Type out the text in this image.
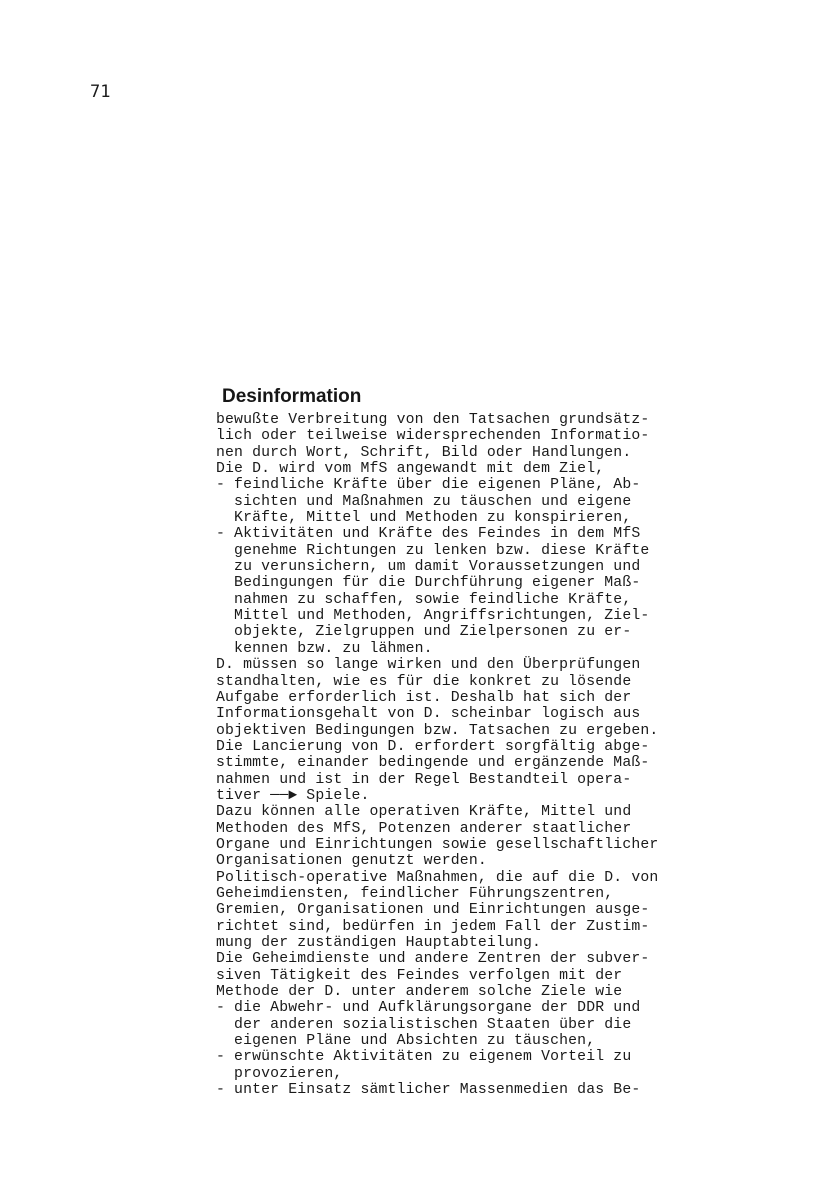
71
Desinformation
bewußte Verbreitung von den Tatsachen grundsätz-
lich oder teilweise widersprechenden Informatio-
nen durch Wort, Schrift, Bild oder Handlungen.
Die D. wird vom MfS angewandt mit dem Ziel,
- feindliche Kräfte über die eigenen Pläne, Ab-
sichten und Maßnahmen zu täuschen und eigene
Kräfte, Mittel und Methoden zu konspirieren,
- Aktivitäten und Kräfte des Feindes in dem MfS
genehme Richtungen zu lenken bzw. diese Kräfte
zu verunsichern, um damit Voraussetzungen und
Bedingungen für die Durchführung eigener Maß-
nahmen zu schaffen, sowie feindliche Kräfte,
Mittel und Methoden, Angriffsrichtungen, Ziel-
objekte, Zielgruppen und Zielpersonen zu er-
kennen bzw. zu lähmen.
D. müssen so lange wirken und den Überprüfungen
standhalten, wie es für die konkret zu lösende
Aufgabe erforderlich ist. Deshalb hat sich der
Informationsgehalt von D. scheinbar logisch aus
objektiven Bedingungen bzw. Tatsachen zu ergeben.
Die Lancierung von D. erfordert sorgfältig abge-
stimmte, einander bedingende und ergänzende Maß-
nahmen und ist in der Regel Bestandteil opera-
tiver ──► Spiele.
Dazu können alle operativen Kräfte, Mittel und
Methoden des MfS, Potenzen anderer staatlicher
Organe und Einrichtungen sowie gesellschaftlicher
Organisationen genutzt werden.
Politisch-operative Maßnahmen, die auf die D. von
Geheimdiensten, feindlicher Führungszentren,
Gremien, Organisationen und Einrichtungen ausge-
richtet sind, bedürfen in jedem Fall der Zustim-
mung der zuständigen Hauptabteilung.
Die Geheimdienste und andere Zentren der subver-
siven Tätigkeit des Feindes verfolgen mit der
Methode der D. unter anderem solche Ziele wie
- die Abwehr- und Aufklärungsorgane der DDR und
der anderen sozialistischen Staaten über die
eigenen Pläne und Absichten zu täuschen,
- erwünschte Aktivitäten zu eigenem Vorteil zu
provozieren,
- unter Einsatz sämtlicher Massenmedien das Be-
